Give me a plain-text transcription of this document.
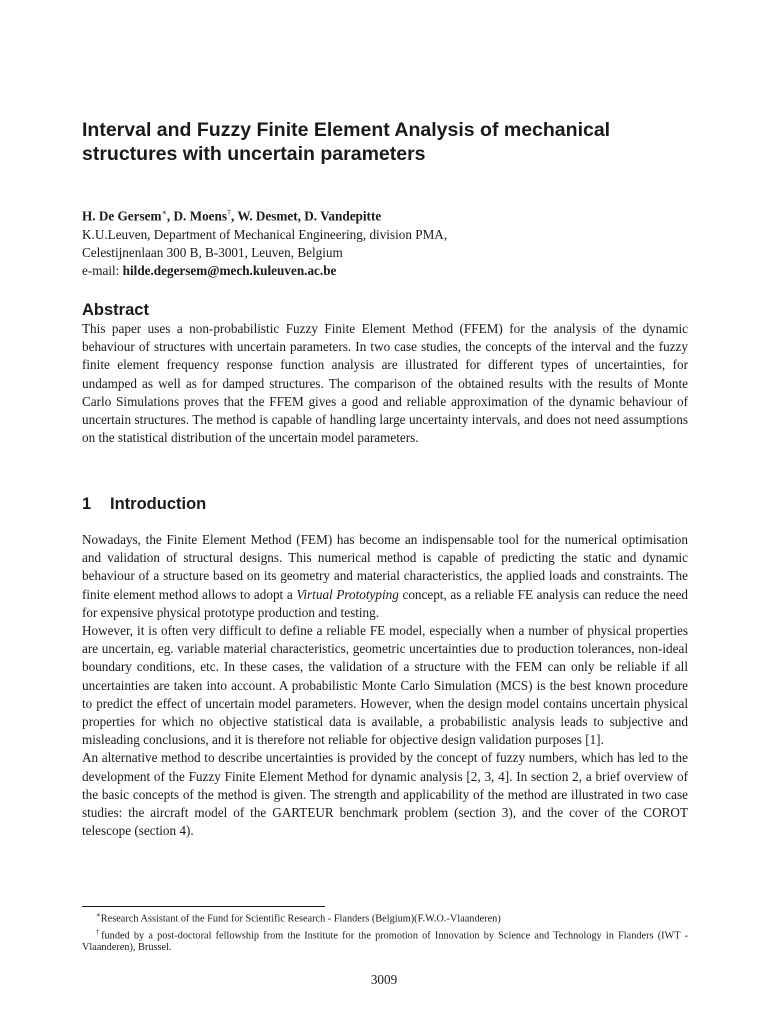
Interval and Fuzzy Finite Element Analysis of mechanical structures with uncertain parameters
H. De Gersem∗, D. Moens†, W. Desmet, D. Vandepitte
K.U.Leuven, Department of Mechanical Engineering, division PMA,
Celestijnenlaan 300 B, B-3001, Leuven, Belgium
e-mail: hilde.degersem@mech.kuleuven.ac.be
Abstract

This paper uses a non-probabilistic Fuzzy Finite Element Method (FFEM) for the analysis of the dynamic behaviour of structures with uncertain parameters. In two case studies, the concepts of the interval and the fuzzy finite element frequency response function analysis are illustrated for different types of uncertainties, for undamped as well as for damped structures. The comparison of the obtained results with the results of Monte Carlo Simulations proves that the FFEM gives a good and reliable approximation of the dynamic behaviour of uncertain structures. The method is capable of handling large uncertainty intervals, and does not need assumptions on the statistical distribution of the uncertain model parameters.

1 Introduction

Nowadays, the Finite Element Method (FEM) has become an indispensable tool for the numerical optimisation and validation of structural designs. This numerical method is capable of predicting the static and dynamic behaviour of a structure based on its geometry and material characteristics, the applied loads and constraints. The finite element method allows to adopt a Virtual Prototyping concept, as a reliable FE analysis can reduce the need for expensive physical prototype production and testing.

However, it is often very difficult to define a reliable FE model, especially when a number of physical properties are uncertain, eg. variable material characteristics, geometric uncertainties due to production tolerances, non-ideal boundary conditions, etc. In these cases, the validation of a structure with the FEM can only be reliable if all uncertainties are taken into account. A probabilistic Monte Carlo Simulation (MCS) is the best known procedure to predict the effect of uncertain model parameters. However, when the design model contains uncertain physical properties for which no objective statistical data is available, a probabilistic analysis leads to subjective and misleading conclusions, and it is therefore not reliable for objective design validation purposes [1].

An alternative method to describe uncertainties is provided by the concept of fuzzy numbers, which has led to the development of the Fuzzy Finite Element Method for dynamic analysis [2, 3, 4]. In section 2, a brief overview of the basic concepts of the method is given. The strength and applicability of the method are illustrated in two case studies: the aircraft model of the GARTEUR benchmark problem (section 3), and the cover of the COROT telescope (section 4).

∗Research Assistant of the Fund for Scientific Research - Flanders (Belgium)(F.W.O.-Vlaanderen)

†funded by a post-doctoral fellowship from the Institute for the promotion of Innovation by Science and Technology in Flanders (IWT - Vlaanderen), Brussel.

3009
